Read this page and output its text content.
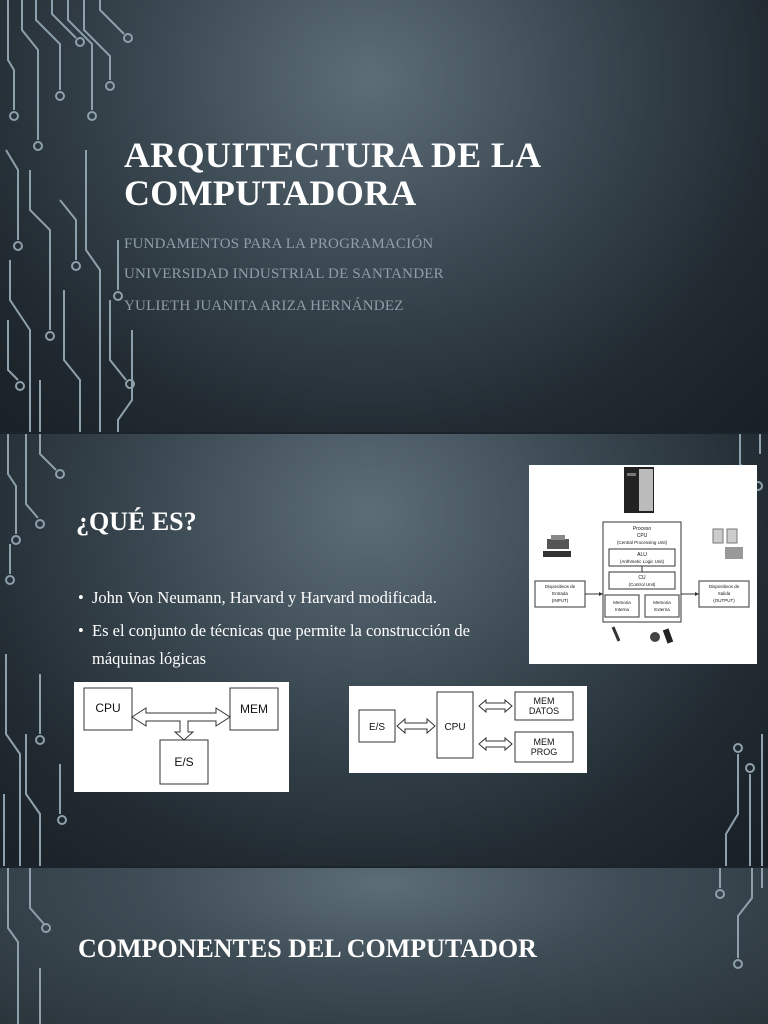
ARQUITECTURA DE LA
COMPUTADORA
FUNDAMENTOS PARA LA PROGRAMACIÓN
UNIVERSIDAD INDUSTRIAL DE SANTANDER
YULIETH JUANITA ARIZA HERNÁNDEZ
¿QUÉ ES?
• John Von Neumann, Harvard y Harvard modificada.
• Es el conjunto de técnicas que permite la construcción de máquinas lógicas
Proceso
CPU
(Central Processing Unit)
ALU
(Arithmetic Logic Unit)
CU
(Control Unit)
Memoria
Interna
Memoria
Externa
Dispositivos de
Entrada
(INPUT)
Dispositivos de
Salida
(OUTPUT)
CPU	MEM
E/S
E/S	CPU
MEM
DATOS
MEM
PROG
COMPONENTES DEL COMPUTADOR
